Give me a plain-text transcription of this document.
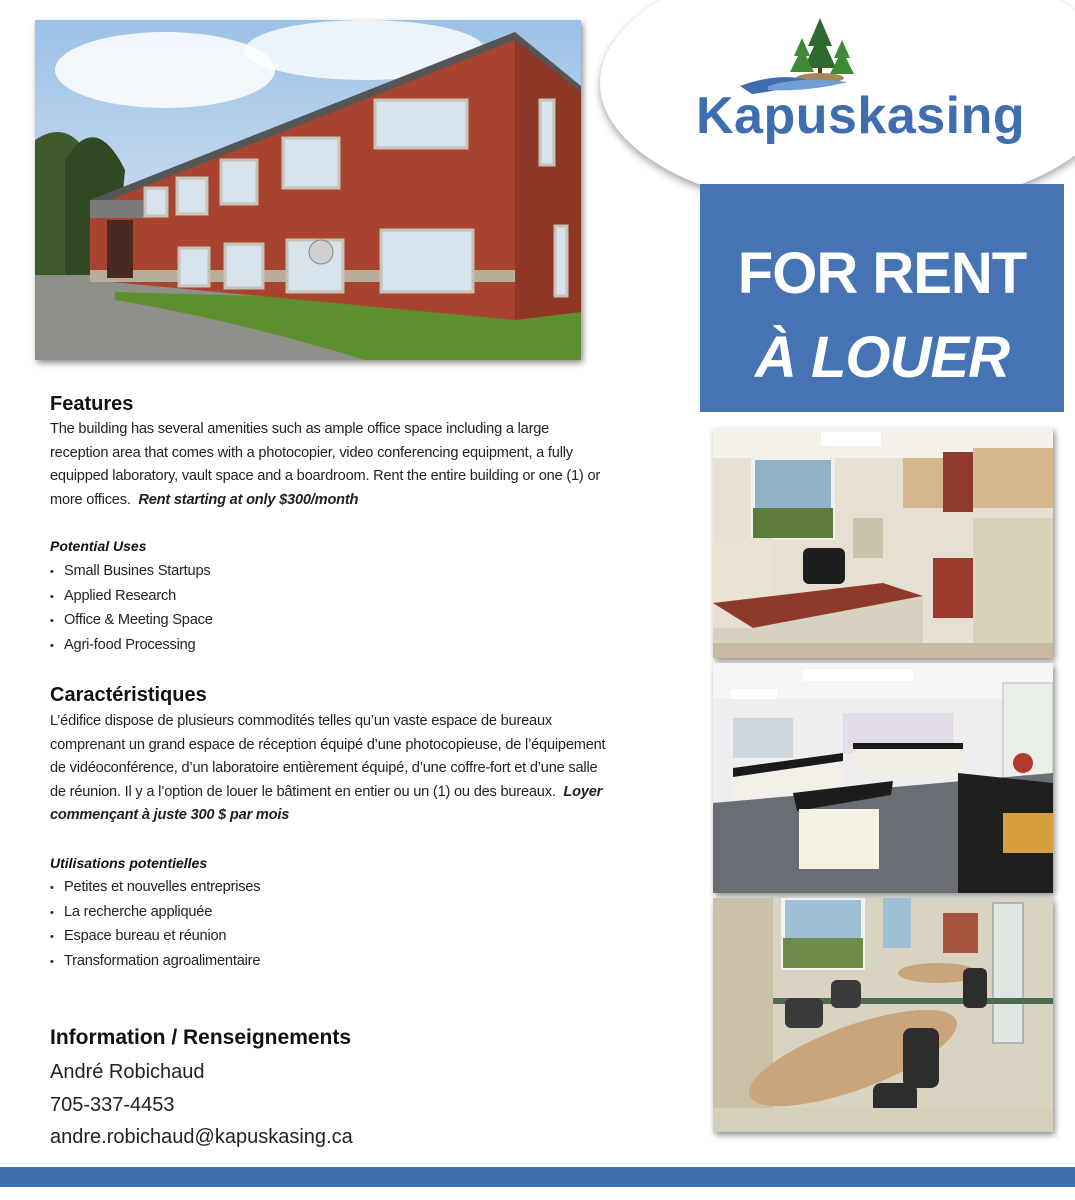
Kapuskasing
FOR RENT
À LOUER
Features
The building has several amenities such as ample office space including a large reception area that comes with a photocopier, video conferencing equipment, a fully equipped laboratory, vault space and a boardroom. Rent the entire building or one (1) or more offices. Rent starting at only $300/month
Potential Uses
• Small Busines Startups
• Applied Research
• Office & Meeting Space
• Agri-food Processing
Caractéristiques
L’édifice dispose de plusieurs commodités telles qu’un vaste espace de bureaux comprenant un grand espace de réception équipé d’une photocopieuse, de l’équipement de vidéoconférence, d’un laboratoire entièrement équipé, d’une coffre-fort et d’une salle de réunion. Il y a l’option de louer le bâtiment en entier ou un (1) ou des bureaux. Loyer commençant à juste 300 $ par mois
Utilisations potentielles
• Petites et nouvelles entreprises
• La recherche appliquée
• Espace bureau et réunion
• Transformation agroalimentaire
Information / Renseignements
André Robichaud
705-337-4453
andre.robichaud@kapuskasing.ca
